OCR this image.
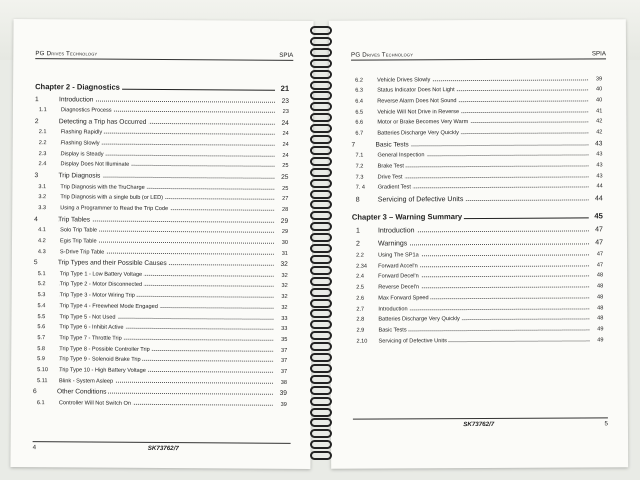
PG Drives Technology	SPIA
Chapter 2 - Diagnostics	21
1	Introduction	23
1.1	Diagnostics Process	23
2	Detecting a Trip has Occurred	24
2.1	Flashing Rapidly	24
2.2	Flashing Slowly	24
2.3	Display is Steady	24
2.4	Display Does Not Illuminate	25
3	Trip Diagnosis	25
3.1	Trip Diagnosis with the TruCharge	25
3.2	Trip Diagnosis with a single bulb (or LED)	27
3.3	Using a Programmer to Read the Trip Code	28
4	Trip Tables	29
4.1	Solo Trip Table	29
4.2	Egis Trip Table	30
4.3	S-Drive Trip Table	31
5	Trip Types and their Possible Causes	32
5.1	Trip Type 1 - Low Battery Voltage	32
5.2	Trip Type 2 - Motor Disconnected	32
5.3	Trip Type 3 - Motor Wiring Trip	32
5.4	Trip Type 4 - Freewheel Mode Engaged	32
5.5	Trip Type 5 - Not Used	33
5.6	Trip Type 6 - Inhibit Active	33
5.7	Trip Type 7 - Throttle Trip	35
5.8	Trip Type 8 - Possible Controller Trip	37
5.9	Trip Type 9 - Solenoid Brake Trip	37
5.10	Trip Type 10 - High Battery Voltage	37
5.11	Blink - System Asleep	38
6	Other Conditions	39
6.1	Controller Will Not Switch On	39
4	SK73762/7
PG Drives Technology	SPIA
6.2	Vehicle Drives Slowly	39
6.3	Status Indicator Does Not Light	40
6.4	Reverse Alarm Does Not Sound	40
6.5	Vehicle Will Not Drive in Reverse	41
6.6	Motor or Brake Becomes Very Warm	42
6.7	Batteries Discharge Very Quickly	42
7	Basic Tests	43
7.1	General Inspection	43
7.2	Brake Test	43
7.3	Drive Test	43
7. 4	Gradient Test	44
8	Servicing of Defective Units	44
Chapter 3 – Warning Summary	45
1	Introduction	47
2	Warnings	47
2.2	Using The SP1a	47
2.34	Forward Accel'n	47
2.4	Forward Decel'n	48
2.5	Reverse Decel'n	48
2.6	Max Forward Speed	48
2.7	Introduction	48
2.8	Batteries Discharge Very Quickly	48
2.9	Basic Tests	49
2.10	Servicing of Defective Units	49
SK73762/7	5
